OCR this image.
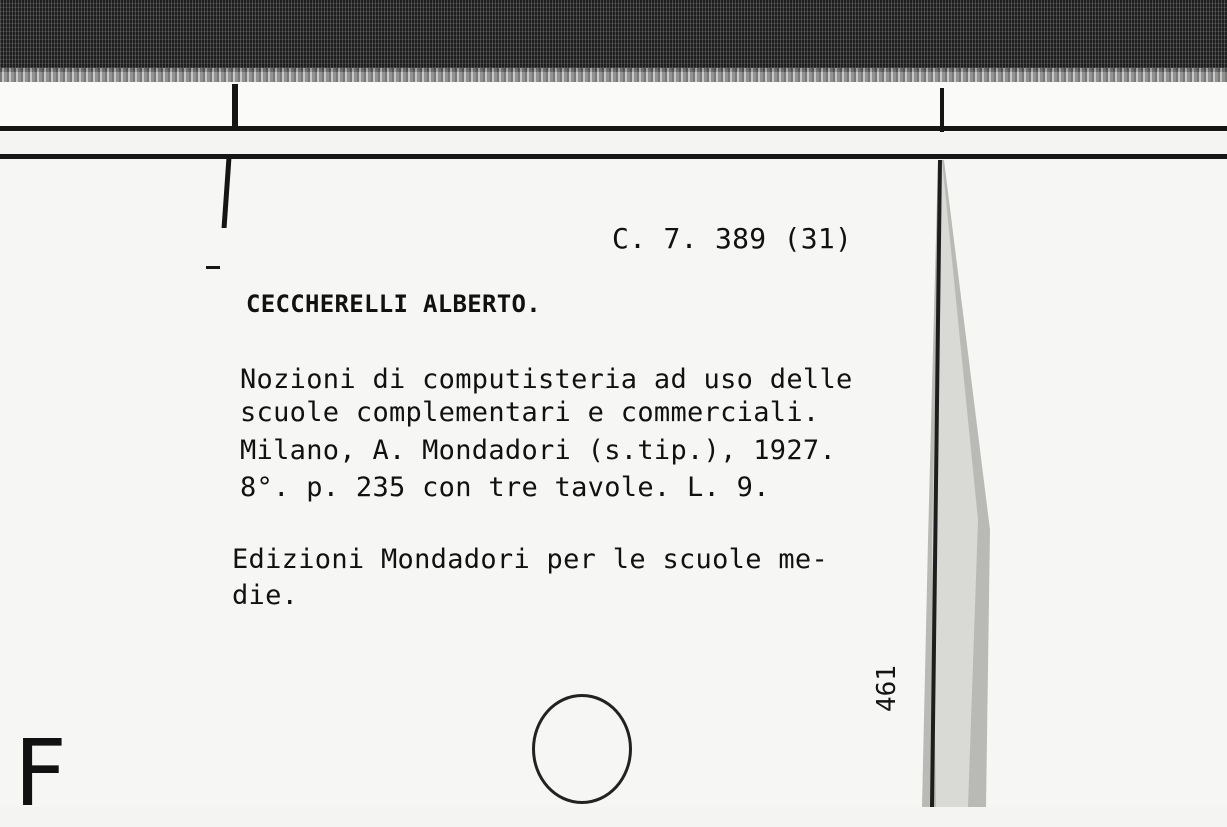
C. 7. 389 (31)
CECCHERELLI ALBERTO.
Nozioni di computisteria ad uso delle
scuole complementari e commerciali.
Milano, A. Mondadori (s.tip.), 1927.
8°. p. 235 con tre tavole. L. 9.
Edizioni Mondadori per le scuole me-
die.
461
F
